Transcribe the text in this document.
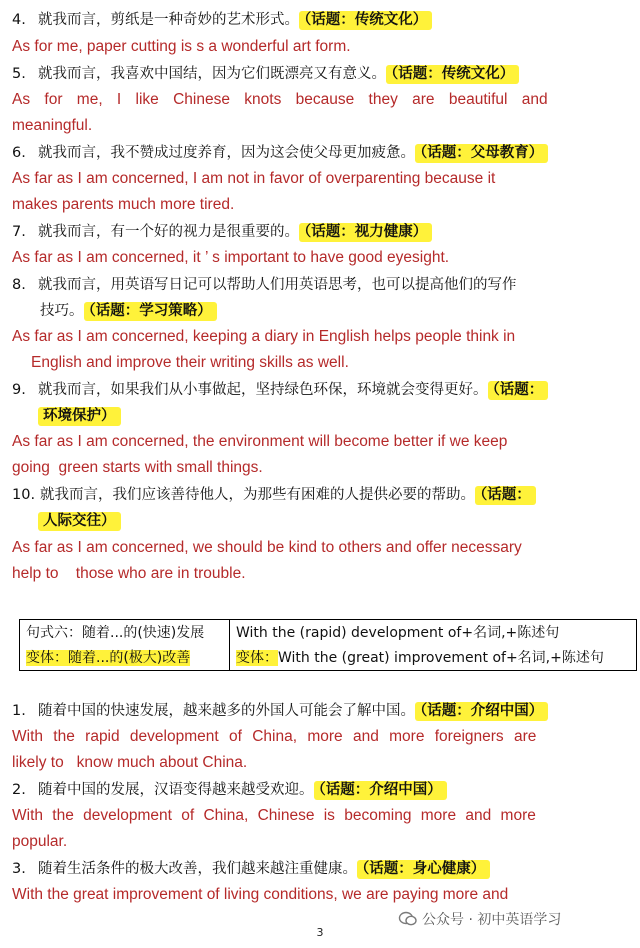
4. 就我而言，剪纸是一种奇妙的艺术形式。 （话题：传统文化）
As for me, paper cutting is s a wonderful art form.
5. 就我而言，我喜欢中国结，因为它们既漂亮又有意义。 （话题：传统文化）
As for me, I like Chinese knots because they are beautiful and
meaningful.
6. 就我而言，我不赞成过度养育，因为这会使父母更加疲惫。 （话题：父母教育）
As far as I am concerned, I am not in favor of overparenting because it
makes parents much more tired.
7. 就我而言，有一个好的视力是很重要的。 （话题：视力健康）
As far as I am concerned, it ’ s important to have good eyesight.
8. 就我而言，用英语写日记可以帮助人们用英语思考，也可以提高他们的写作
技巧。 （话题：学习策略）
As far as I am concerned, keeping a diary in English helps people think in
English and improve their writing skills as well.
9. 就我而言，如果我们从小事做起，坚持绿色环保，环境就会变得更好。 （话题：
环境保护）
As far as I am concerned, the environment will become better if we keep
going  green starts with small things.
10. 就我而言，我们应该善待他人，为那些有困难的人提供必要的帮助。 （话题：
人际交往）
As far as I am concerned, we should be kind to others and offer necessary
help to    those who are in trouble.
句式六：随着...的(快速)发展	With the (rapid) development of+名词,+陈述句
变体：随着...的(极大)改善	变体：With the (great) improvement of+名词,+陈述句
1. 随着中国的快速发展，越来越多的外国人可能会了解中国。 （话题：介绍中国）
With the rapid development of China, more and more foreigners are
likely to   know much about China.
2. 随着中国的发展，汉语变得越来越受欢迎。 （话题：介绍中国）
With the development of China, Chinese is becoming more and more
popular.
3. 随着生活条件的极大改善，我们越来越注重健康。 （话题：身心健康）
With the great improvement of living conditions, we are paying more and
公众号 · 初中英语学习
3
